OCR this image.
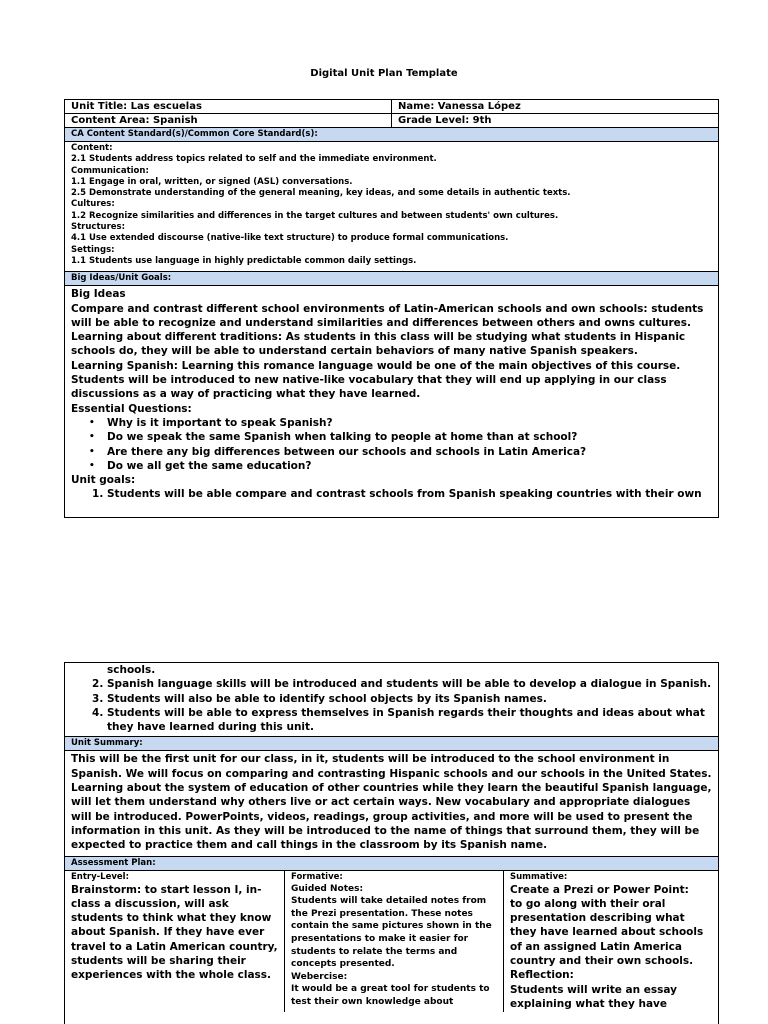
Digital Unit Plan Template
Unit Title: Las escuelas	Name: Vanessa López
Content Area: Spanish	Grade Level: 9th
CA Content Standard(s)/Common Core Standard(s):
Content:
2.1 Students address topics related to self and the immediate environment.
Communication:
1.1 Engage in oral, written, or signed (ASL) conversations.
2.5 Demonstrate understanding of the general meaning, key ideas, and some details in authentic texts.
Cultures:
1.2 Recognize similarities and differences in the target cultures and between students' own cultures.
Structures:
4.1 Use extended discourse (native-like text structure) to produce formal communications.
Settings:
1.1 Students use language in highly predictable common daily settings.
Big Ideas/Unit Goals:

Big Ideas

Compare and contrast different school environments of Latin-American schools and own schools: students will be able to recognize and understand similarities and differences between others and owns cultures.

Learning about different traditions: As students in this class will be studying what students in Hispanic schools do, they will be able to understand certain behaviors of many native Spanish speakers.

Learning Spanish: Learning this romance language would be one of the main objectives of this course. Students will be introduced to new native-like vocabulary that they will end up applying in our class discussions as a way of practicing what they have learned.

Essential Questions:

• Why is it important to speak Spanish?
• Do we speak the same Spanish when talking to people at home than at school?
• Are there any big differences between our schools and schools in Latin America?
• Do we all get the same education?

Unit goals:

1. Students will be able compare and contrast schools from Spanish speaking countries with their own
schools.
2. Spanish language skills will be introduced and students will be able to develop a dialogue in Spanish.
3. Students will also be able to identify school objects by its Spanish names.
4. Students will be able to express themselves in Spanish regards their thoughts and ideas about what they have learned during this unit.
Unit Summary:
This will be the first unit for our class, in it, students will be introduced to the school environment in Spanish. We will focus on comparing and contrasting Hispanic schools and our schools in the United States. Learning about the system of education of other countries while they learn the beautiful Spanish language, will let them understand why others live or act certain ways. New vocabulary and appropriate dialogues will be introduced. PowerPoints, videos, readings, group activities, and more will be used to present the information in this unit. As they will be introduced to the name of things that surround them, they will be expected to practice them and call things in the classroom by its Spanish name.
Assessment Plan:
Entry-Level:
Brainstorm: to start lesson I, in-class a discussion, will ask students to think what they know about Spanish. If they have ever travel to a Latin American country, students will be sharing their experiences with the whole class.
Formative:
Guided Notes:
Students will take detailed notes from the Prezi presentation. These notes contain the same pictures shown in the presentations to make it easier for students to relate the terms and concepts presented.
Webercise:
It would be a great tool for students to test their own knowledge about
Summative:
Create a Prezi or Power Point:
to go along with their oral presentation describing what they have learned about schools of an assigned Latin America country and their own schools.
Reflection:
Students will write an essay explaining what they have
